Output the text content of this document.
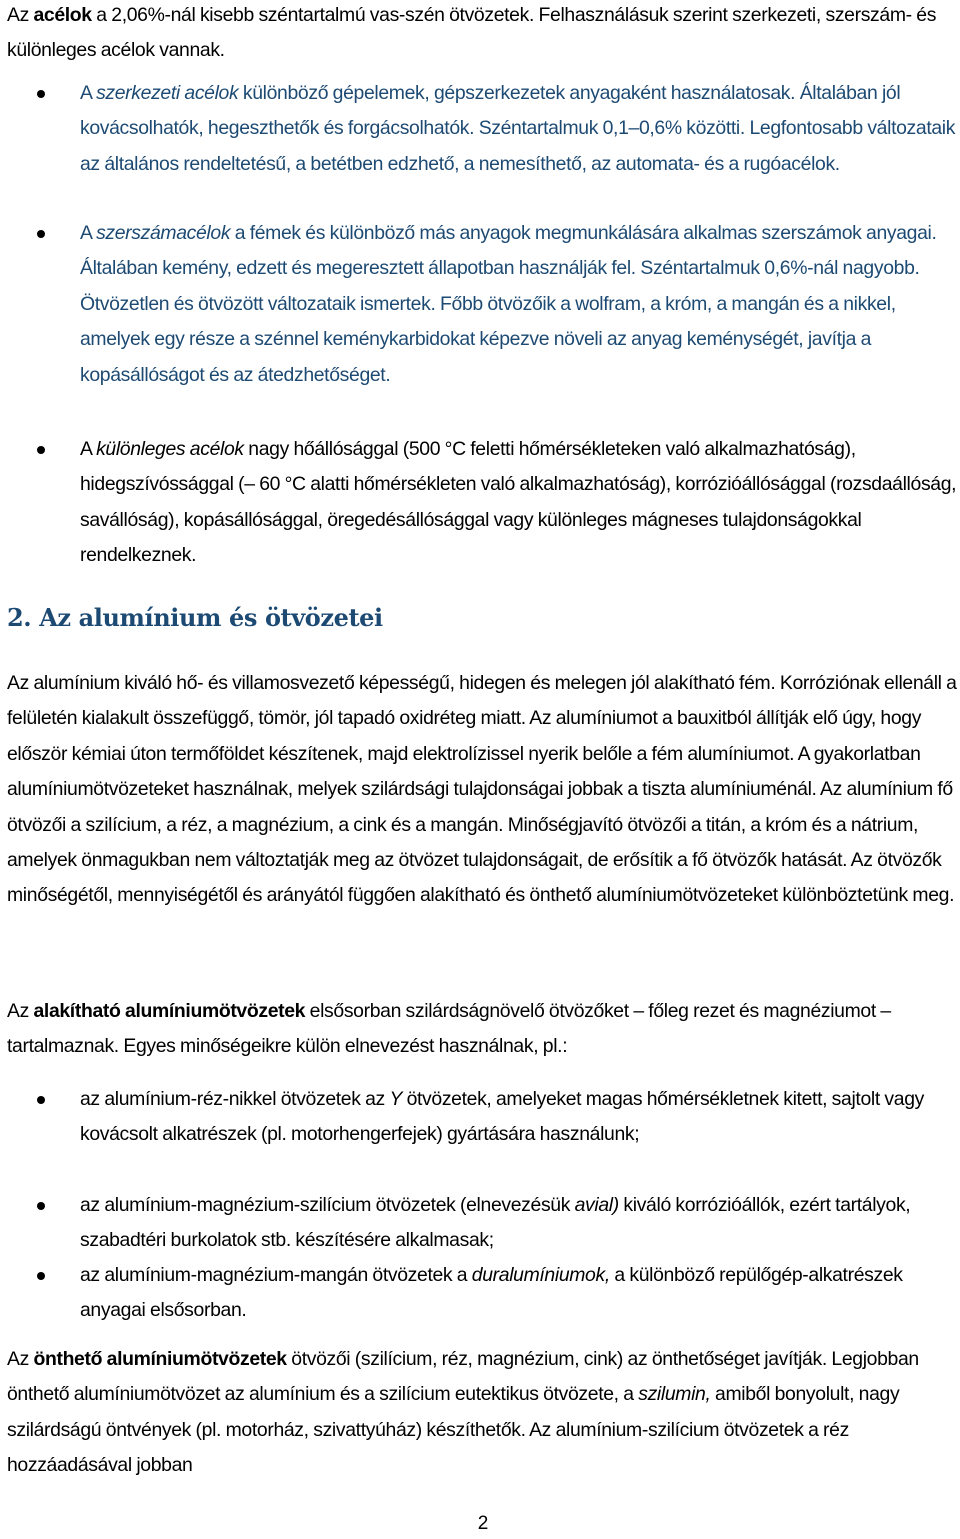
Az acélok a 2,06%-nál kisebb széntartalmú vas-szén ötvözetek. Felhasználásuk szerint szerkezeti, szerszám- és különleges acélok vannak.
A szerkezeti acélok különböző gépelemek, gépszerkezetek anyagaként használatosak. Általában jól kovácsolhatók, hegeszthetők és forgácsolhatók. Széntartalmuk 0,1–0,6% közötti. Legfontosabb változataik az általános rendeltetésű, a betétben edzhető, a nemesíthető, az automata- és a rugóacélok.
A szerszámacélok a fémek és különböző más anyagok megmunkálására alkalmas szerszámok anyagai. Általában kemény, edzett és megeresztett állapotban használják fel. Széntartalmuk 0,6%-nál nagyobb. Ötvözetlen és ötvözött változataik ismertek. Főbb ötvözőik a wolfram, a króm, a mangán és a nikkel, amelyek egy része a szénnel keménykarbidokat képezve növeli az anyag keménységét, javítja a kopásállóságot és az átedzhetőséget.
A különleges acélok nagy hőállósággal (500 °C feletti hőmérsékleteken való alkalmazhatóság), hidegszívóssággal (– 60 °C alatti hőmérsékleten való alkalmazhatóság), korrózióállósággal (rozsdaállóság, savállóság), kopásállósággal, öregedésállósággal vagy különleges mágneses tulajdonságokkal rendelkeznek.
2. Az alumínium és ötvözetei
Az alumínium kiváló hő- és villamosvezető képességű, hidegen és melegen jól alakítható fém. Korróziónak ellenáll a felületén kialakult összefüggő, tömör, jól tapadó oxidréteg miatt. Az alumíniumot a bauxitból állítják elő úgy, hogy először kémiai úton termőföldet készítenek, majd elektrolízissel nyerik belőle a fém alumíniumot. A gyakorlatban alumíniumötvözeteket használnak, melyek szilárdsági tulajdonságai jobbak a tiszta alumíniuménál. Az alumínium fő ötvözői a szilícium, a réz, a magnézium, a cink és a mangán. Minőségjavító ötvözői a titán, a króm és a nátrium, amelyek önmagukban nem változtatják meg az ötvözet tulajdonságait, de erősítik a fő ötvözők hatását. Az ötvözők minőségétől, mennyiségétől és arányától függően alakítható és önthető alumíniumötvözeteket különböztetünk meg.
Az alakítható alumíniumötvözetek elsősorban szilárdságnövelő ötvözőket – főleg rezet és magnéziumot – tartalmaznak. Egyes minőségeikre külön elnevezést használnak, pl.:
az alumínium-réz-nikkel ötvözetek az Y ötvözetek, amelyeket magas hőmérsékletnek kitett, sajtolt vagy kovácsolt alkatrészek (pl. motorhengerfejek) gyártására használunk;
az alumínium-magnézium-szilícium ötvözetek (elnevezésük avial) kiváló korrózióállók, ezért tartályok, szabadtéri burkolatok stb. készítésére alkalmasak;
az alumínium-magnézium-mangán ötvözetek a duralumíniumok, a különböző repülőgép-alkatrészek anyagai elsősorban.
Az önthető alumíniumötvözetek ötvözői (szilícium, réz, magnézium, cink) az önthetőséget javítják. Legjobban önthető alumíniumötvözet az alumínium és a szilícium eutektikus ötvözete, a szilumin, amiből bonyolult, nagy szilárdságú öntvények (pl. motorház, szivattyúház) készíthetők. Az alumínium-szilícium ötvözetek a réz hozzáadásával jobban
2
